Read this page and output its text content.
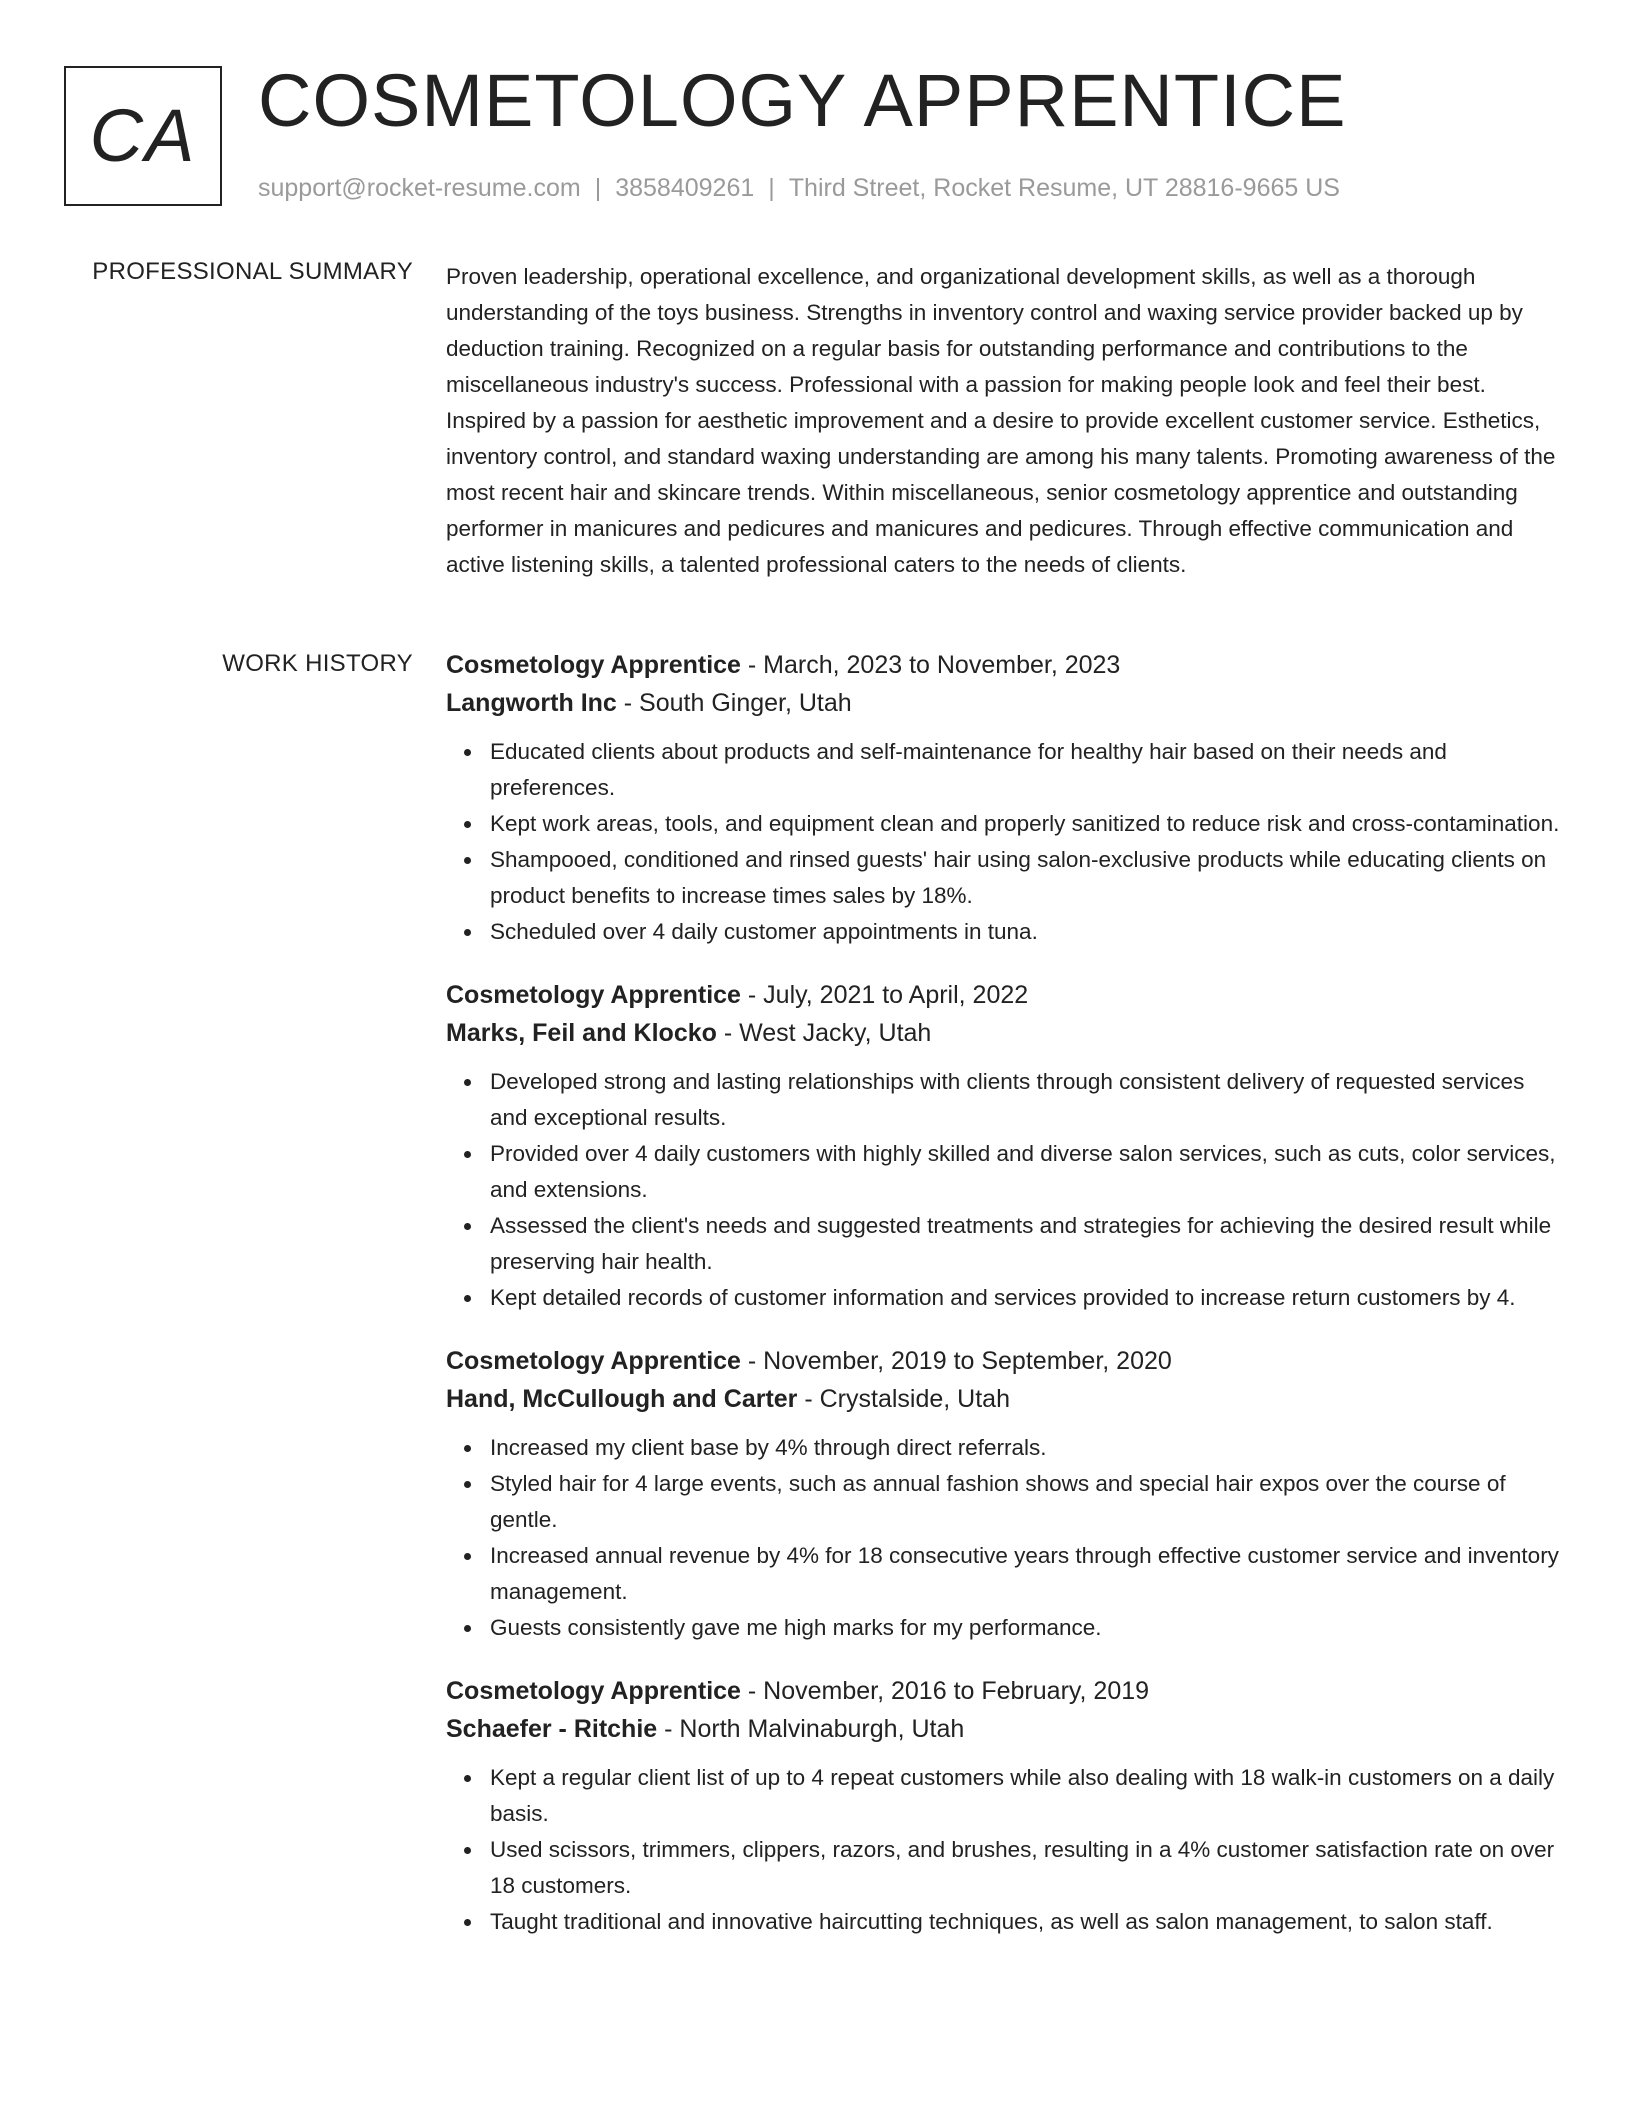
CA COSMETOLOGY APPRENTICE
support@rocket-resume.com | 3858409261 | Third Street, Rocket Resume, UT 28816-9665 US
PROFESSIONAL SUMMARY Proven leadership, operational excellence, and organizational development skills, as well as a thorough understanding of the toys business. Strengths in inventory control and waxing service provider backed up by deduction training. Recognized on a regular basis for outstanding performance and contributions to the miscellaneous industry's success. Professional with a passion for making people look and feel their best. Inspired by a passion for aesthetic improvement and a desire to provide excellent customer service. Esthetics, inventory control, and standard waxing understanding are among his many talents. Promoting awareness of the most recent hair and skincare trends. Within miscellaneous, senior cosmetology apprentice and outstanding performer in manicures and pedicures and manicures and pedicures. Through effective communication and active listening skills, a talented professional caters to the needs of clients.

WORK HISTORY Cosmetology Apprentice - March, 2023 to November, 2023
Langworth Inc - South Ginger, Utah
Educated clients about products and self-maintenance for healthy hair based on their needs and preferences.
Kept work areas, tools, and equipment clean and properly sanitized to reduce risk and cross-contamination.
Shampooed, conditioned and rinsed guests' hair using salon-exclusive products while educating clients on product benefits to increase times sales by 18%.
Scheduled over 4 daily customer appointments in tuna.
Cosmetology Apprentice - July, 2021 to April, 2022
Marks, Feil and Klocko - West Jacky, Utah
Developed strong and lasting relationships with clients through consistent delivery of requested services and exceptional results.
Provided over 4 daily customers with highly skilled and diverse salon services, such as cuts, color services, and extensions.
Assessed the client's needs and suggested treatments and strategies for achieving the desired result while preserving hair health.
Kept detailed records of customer information and services provided to increase return customers by 4.
Cosmetology Apprentice - November, 2019 to September, 2020
Hand, McCullough and Carter - Crystalside, Utah
Increased my client base by 4% through direct referrals.
Styled hair for 4 large events, such as annual fashion shows and special hair expos over the course of gentle.
Increased annual revenue by 4% for 18 consecutive years through effective customer service and inventory management.
Guests consistently gave me high marks for my performance.
Cosmetology Apprentice - November, 2016 to February, 2019
Schaefer - Ritchie - North Malvinaburgh, Utah
Kept a regular client list of up to 4 repeat customers while also dealing with 18 walk-in customers on a daily basis.
Used scissors, trimmers, clippers, razors, and brushes, resulting in a 4% customer satisfaction rate on over 18 customers.
Taught traditional and innovative haircutting techniques, as well as salon management, to salon staff.
